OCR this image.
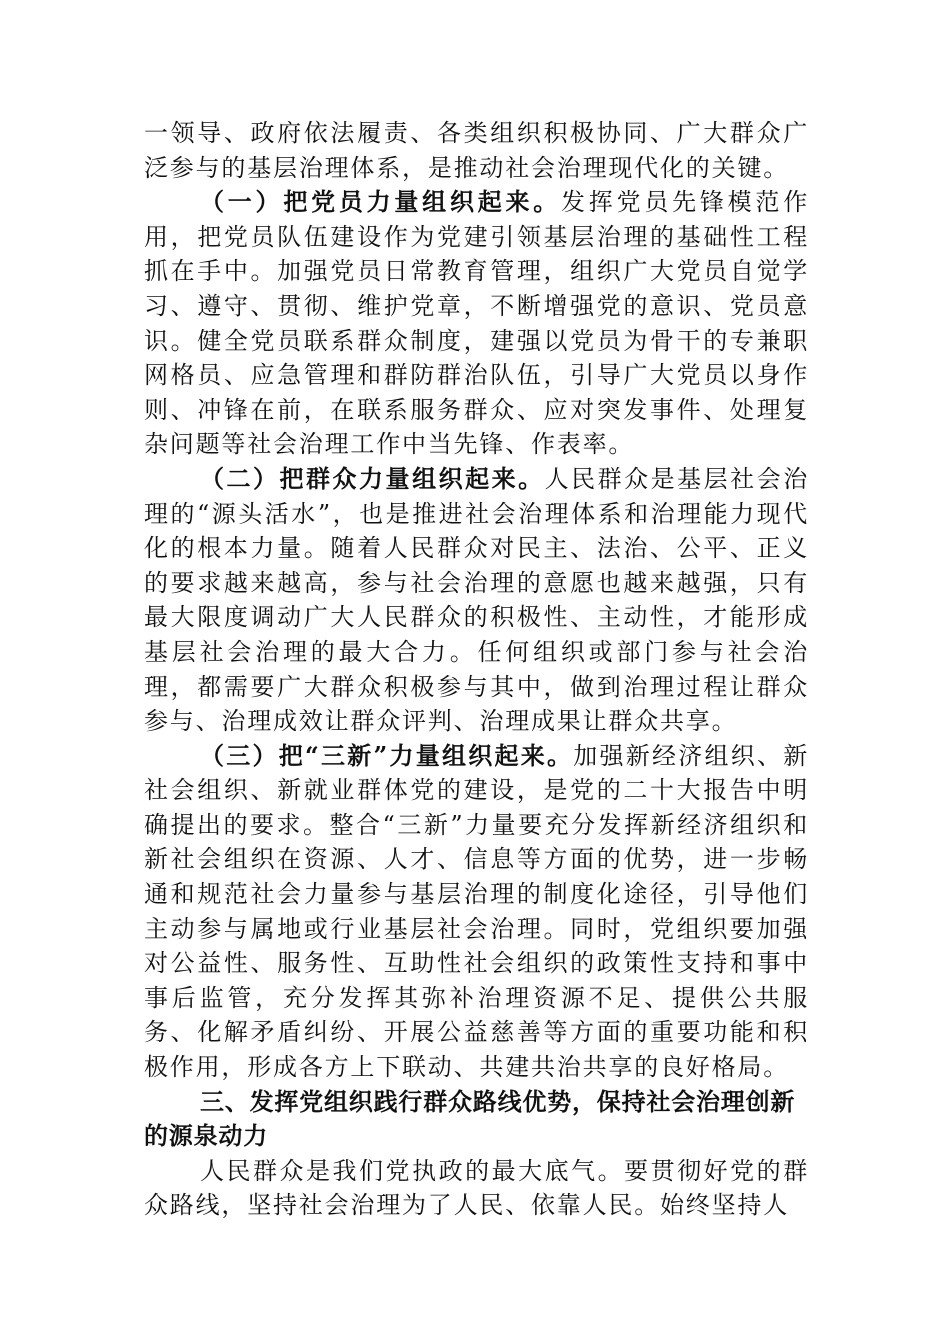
一领导、政府依法履责、各类组织积极协同、广大群众广泛参与的基层治理体系，是推动社会治理现代化的关键。

（一）把党员力量组织起来。发挥党员先锋模范作用，把党员队伍建设作为党建引领基层治理的基础性工程抓在手中。加强党员日常教育管理，组织广大党员自觉学习、遵守、贯彻、维护党章，不断增强党的意识、党员意识。健全党员联系群众制度，建强以党员为骨干的专兼职网格员、应急管理和群防群治队伍，引导广大党员以身作则、冲锋在前，在联系服务群众、应对突发事件、处理复杂问题等社会治理工作中当先锋、作表率。

（二）把群众力量组织起来。人民群众是基层社会治理的“源头活水”，也是推进社会治理体系和治理能力现代化的根本力量。随着人民群众对民主、法治、公平、正义的要求越来越高，参与社会治理的意愿也越来越强，只有最大限度调动广大人民群众的积极性、主动性，才能形成基层社会治理的最大合力。任何组织或部门参与社会治理，都需要广大群众积极参与其中，做到治理过程让群众参与、治理成效让群众评判、治理成果让群众共享。

（三）把“三新”力量组织起来。加强新经济组织、新社会组织、新就业群体党的建设，是党的二十大报告中明确提出的要求。整合“三新”力量要充分发挥新经济组织和新社会组织在资源、人才、信息等方面的优势，进一步畅通和规范社会力量参与基层治理的制度化途径，引导他们主动参与属地或行业基层社会治理。同时，党组织要加强对公益性、服务性、互助性社会组织的政策性支持和事中事后监管，充分发挥其弥补治理资源不足、提供公共服务、化解矛盾纠纷、开展公益慈善等方面的重要功能和积极作用，形成各方上下联动、共建共治共享的良好格局。

三、发挥党组织践行群众路线优势，保持社会治理创新的源泉动力

人民群众是我们党执政的最大底气。要贯彻好党的群众路线，坚持社会治理为了人民、依靠人民。始终坚持人
